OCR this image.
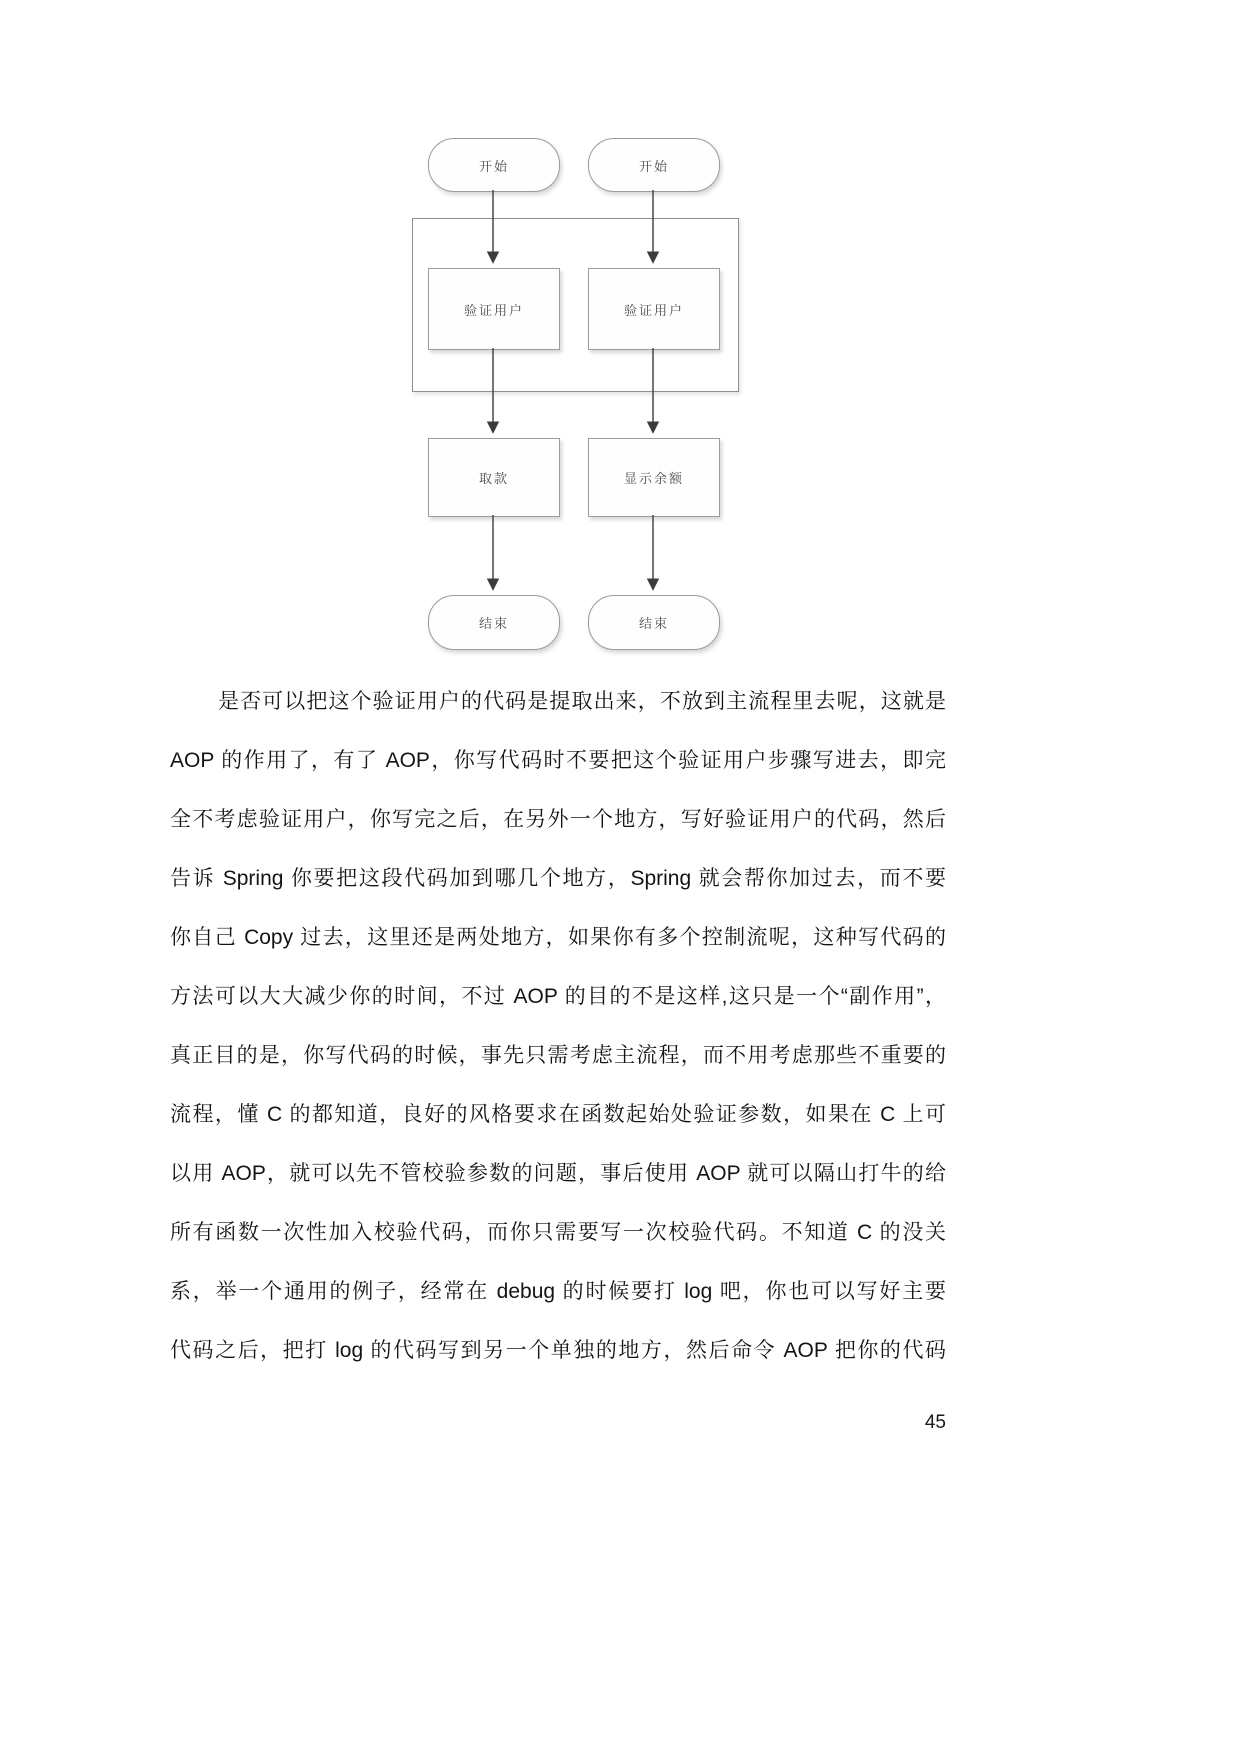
开始
验证用户
取款
结束
开始
验证用户
显示余额
结束
是否可以把这个验证用户的代码是提取出来，不放到主流程里去呢，这就是
AOP 的作用了，有了 AOP，你写代码时不要把这个验证用户步骤写进去，即完
全不考虑验证用户，你写完之后，在另外一个地方，写好验证用户的代码，然后
告诉 Spring 你要把这段代码加到哪几个地方，Spring 就会帮你加过去，而不要
你自己 Copy 过去，这里还是两处地方，如果你有多个控制流呢，这种写代码的
方法可以大大减少你的时间，不过 AOP 的目的不是这样,这只是一个“副作用”，
真正目的是，你写代码的时候，事先只需考虑主流程，而不用考虑那些不重要的
流程，懂 C 的都知道，良好的风格要求在函数起始处验证参数，如果在 C 上可
以用 AOP，就可以先不管校验参数的问题，事后使用 AOP 就可以隔山打牛的给
所有函数一次性加入校验代码，而你只需要写一次校验代码。不知道 C 的没关
系，举一个通用的例子，经常在 debug 的时候要打 log 吧，你也可以写好主要
代码之后，把打 log 的代码写到另一个单独的地方，然后命令 AOP 把你的代码
45
